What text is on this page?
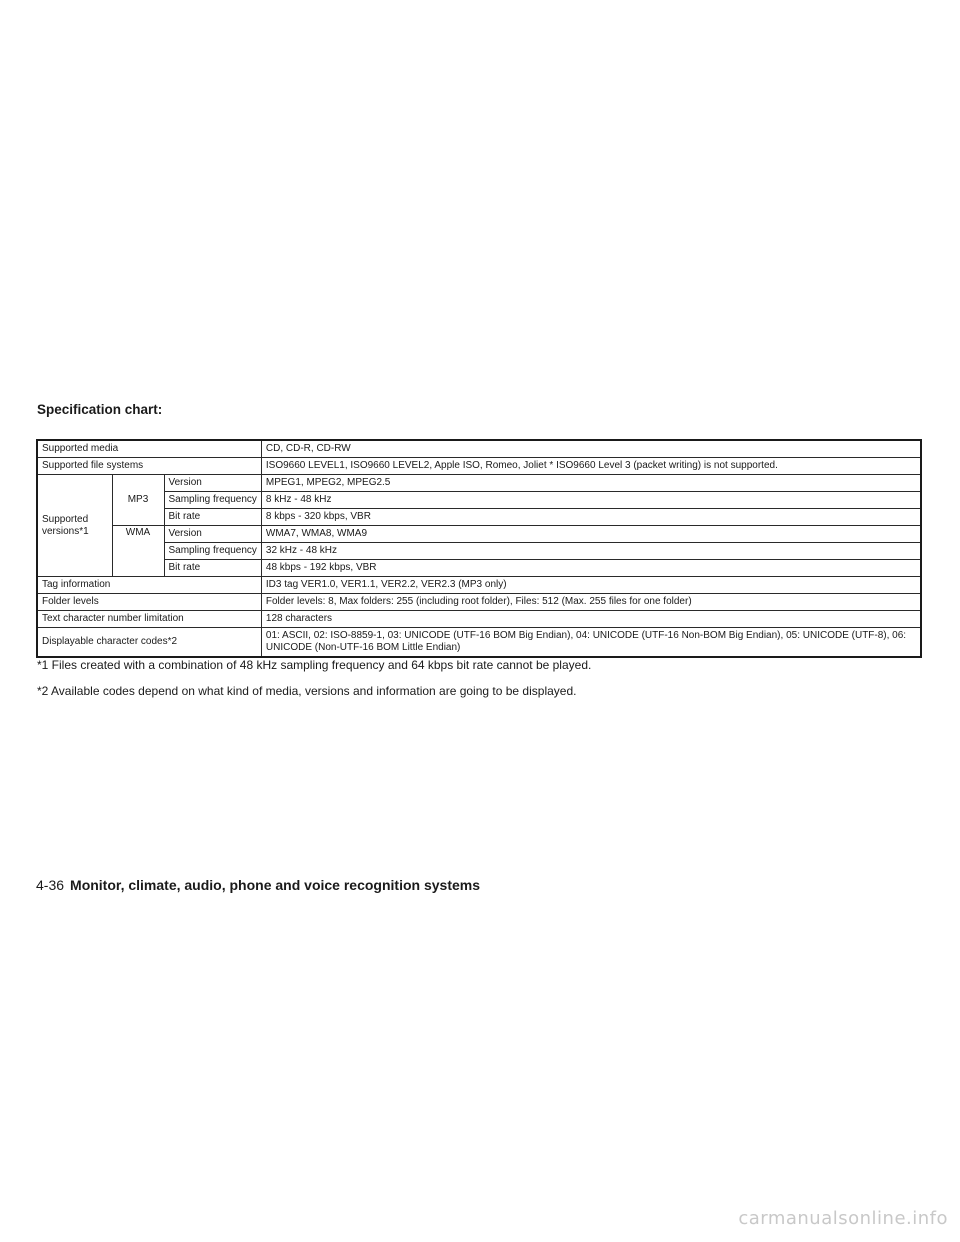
Specification chart:
Supported media			CD, CD-R, CD-RW
Supported file systems			ISO9660 LEVEL1, ISO9660 LEVEL2, Apple ISO, Romeo, Joliet * ISO9660 Level 3 (packet writing) is not supported.
Supported versions*1	MP3	Version	MPEG1, MPEG2, MPEG2.5
		Sampling frequency	8 kHz - 48 kHz
		Bit rate	8 kbps - 320 kbps, VBR
	WMA	Version	WMA7, WMA8, WMA9
		Sampling frequency	32 kHz - 48 kHz
		Bit rate	48 kbps - 192 kbps, VBR
Tag information			ID3 tag VER1.0, VER1.1, VER2.2, VER2.3 (MP3 only)
Folder levels			Folder levels: 8, Max folders: 255 (including root folder), Files: 512 (Max. 255 files for one folder)
Text character number limitation			128 characters
Displayable character codes*2			01: ASCII, 02: ISO-8859-1, 03: UNICODE (UTF-16 BOM Big Endian), 04: UNICODE (UTF-16 Non-BOM Big Endian), 05: UNICODE (UTF-8), 06: UNICODE (Non-UTF-16 BOM Little Endian)

*1 Files created with a combination of 48 kHz sampling frequency and 64 kbps bit rate cannot be played.

*2 Available codes depend on what kind of media, versions and information are going to be displayed.

4-36 Monitor, climate, audio, phone and voice recognition systems

carmanualsonline.info
